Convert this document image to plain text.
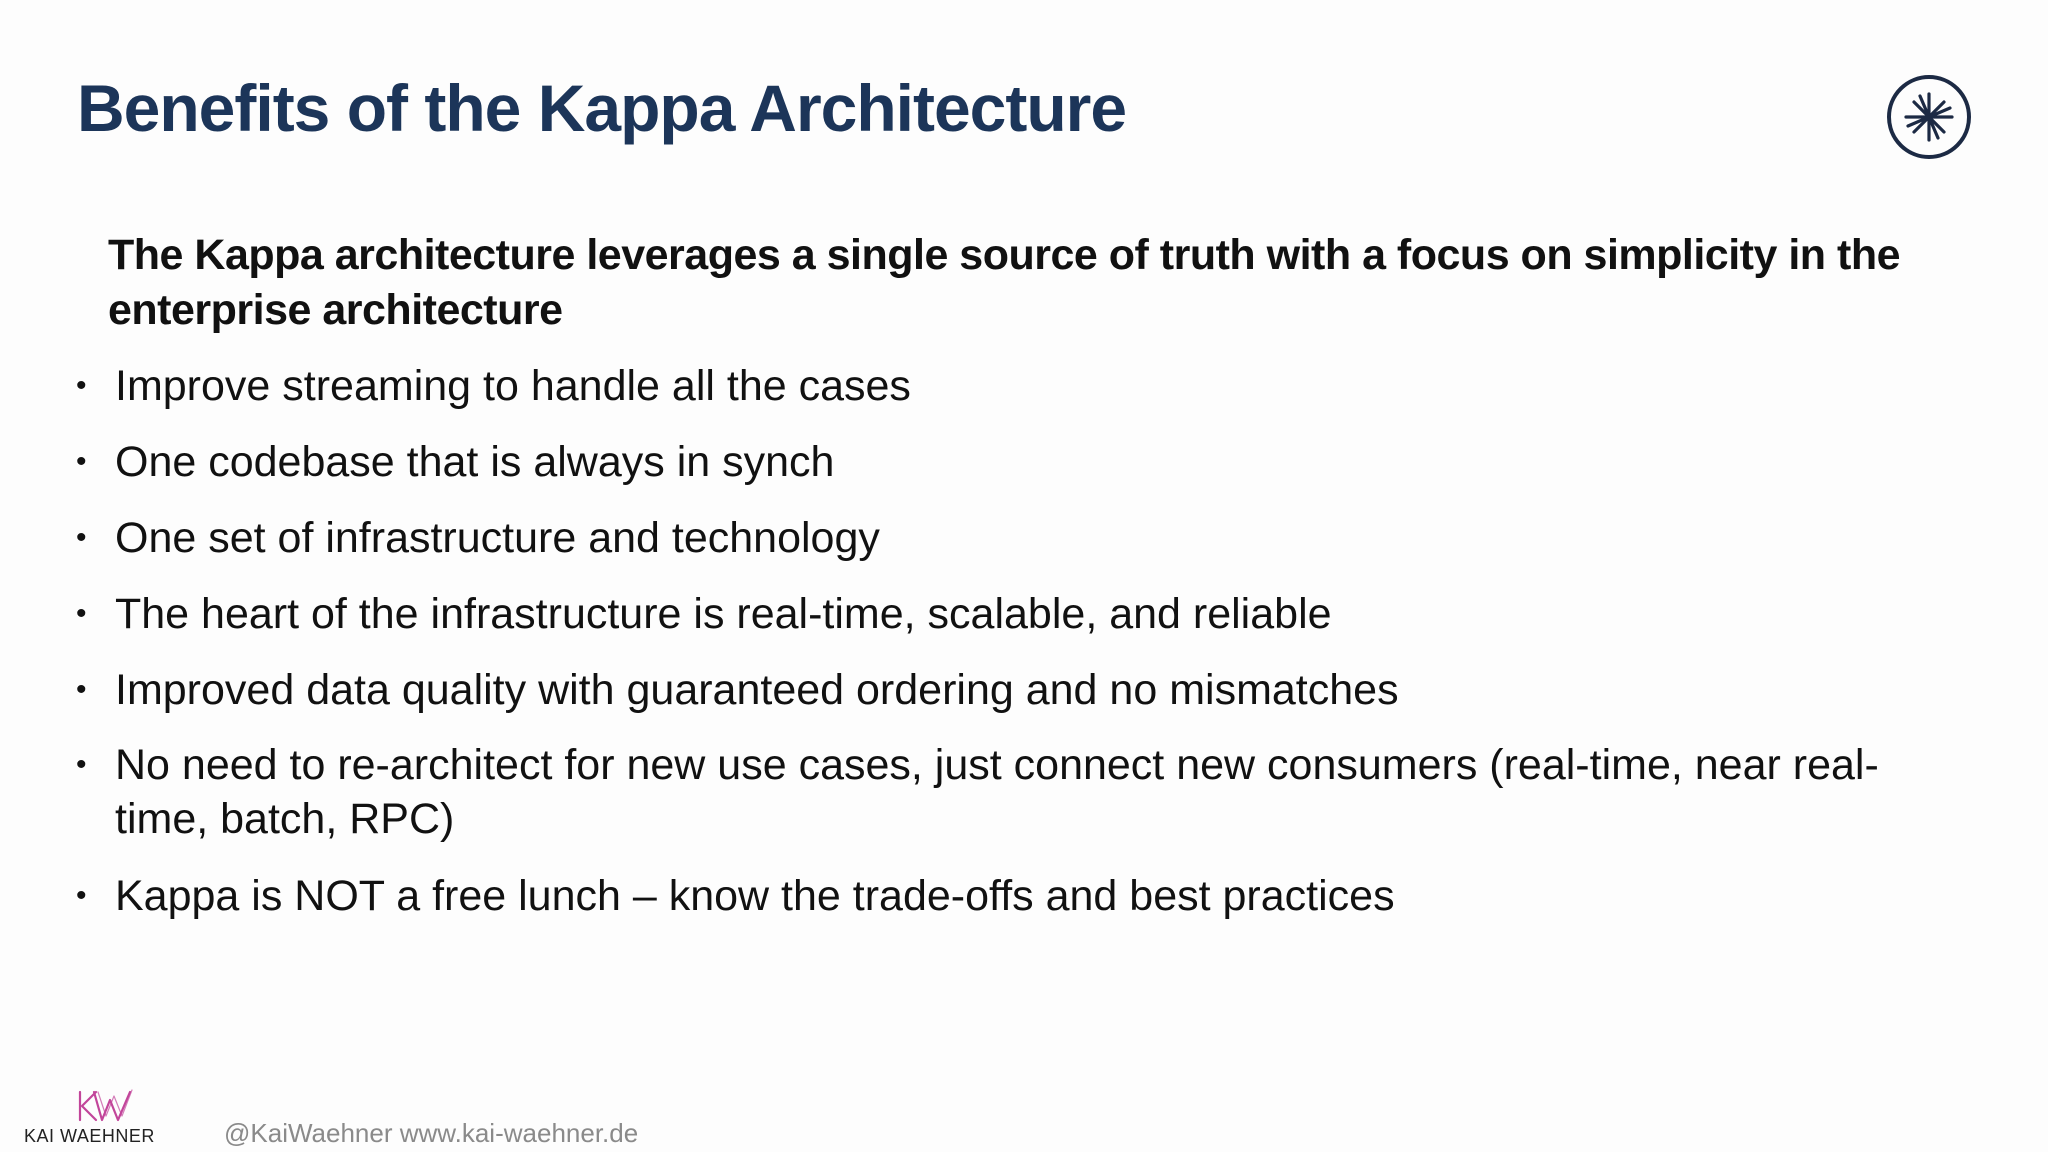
Benefits of the Kappa Architecture
The Kappa architecture leverages a single source of truth with a focus on simplicity in the enterprise architecture
• Improve streaming to handle all the cases
• One codebase that is always in synch
• One set of infrastructure and technology
• The heart of the infrastructure is real-time, scalable, and reliable
• Improved data quality with guaranteed ordering and no mismatches
• No need to re-architect for new use cases, just connect new consumers (real-time, near real-time, batch, RPC)
• Kappa is NOT a free lunch – know the trade-offs and best practices
KAI WAEHNER	@KaiWaehner www.kai-waehner.de
